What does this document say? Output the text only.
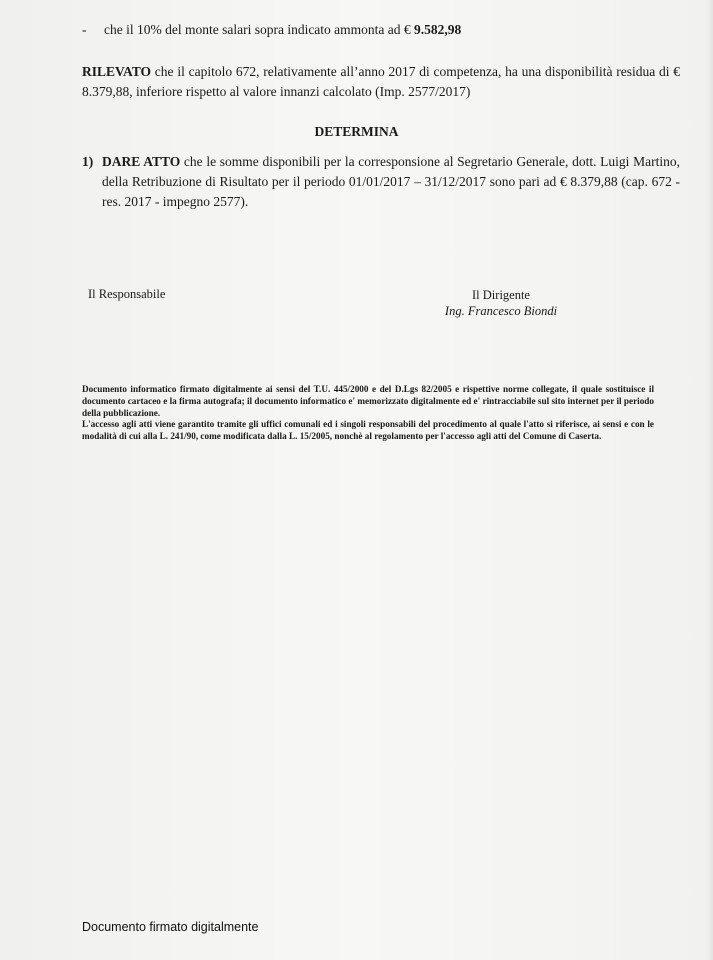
- che il 10% del monte salari sopra indicato ammonta ad € 9.582,98
RILEVATO che il capitolo 672, relativamente all’anno 2017 di competenza, ha una disponibilità residua di € 8.379,88, inferiore rispetto al valore innanzi calcolato (Imp. 2577/2017)
DETERMINA
1) DARE ATTO che le somme disponibili per la corresponsione al Segretario Generale, dott. Luigi Martino, della Retribuzione di Risultato per il periodo 01/01/2017 – 31/12/2017 sono pari ad € 8.379,88 (cap. 672 - res. 2017 - impegno 2577).
Il Responsabile	Il Dirigente
Ing. Francesco Biondi

Documento informatico firmato digitalmente ai sensi del T.U. 445/2000 e del D.Lgs 82/2005 e rispettive norme collegate, il quale sostituisce il documento cartaceo e la firma autografa; il documento informatico e' memorizzato digitalmente ed e' rintracciabile sul sito internet per il periodo della pubblicazione.

L'accesso agli atti viene garantito tramite gli uffici comunali ed i singoli responsabili del procedimento al quale l'atto si riferisce, ai sensi e con le modalità di cui alla L. 241/90, come modificata dalla L. 15/2005, nonchè al regolamento per l'accesso agli atti del Comune di Caserta.

Documento firmato digitalmente
